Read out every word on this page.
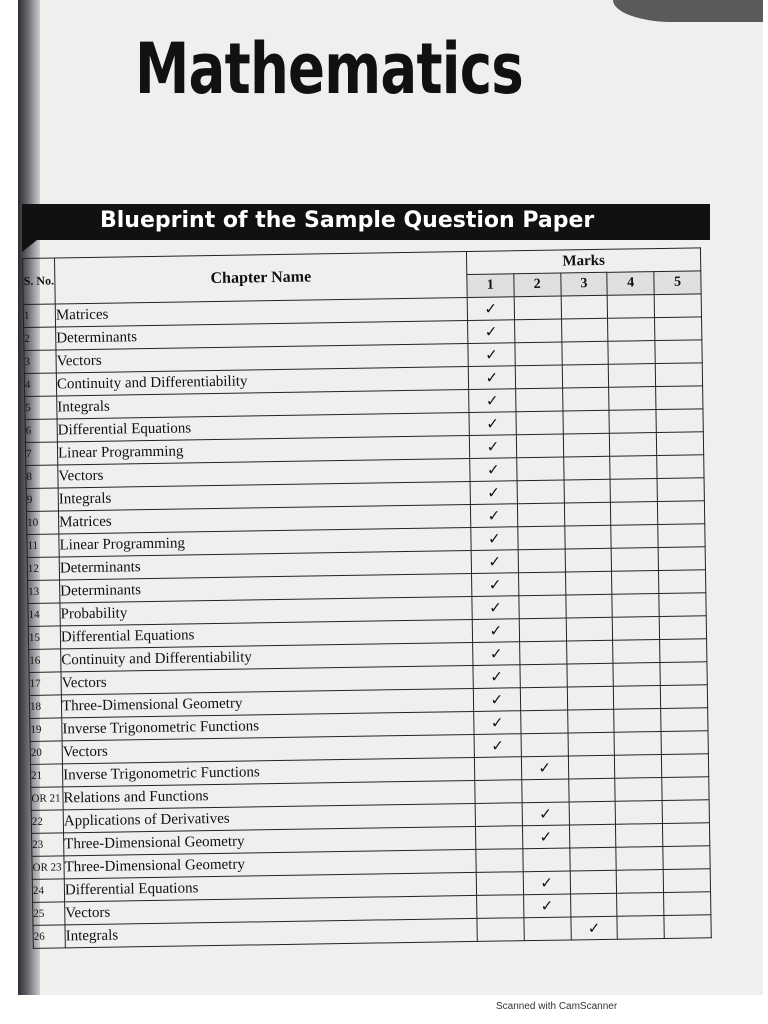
Mathematics
Blueprint of the Sample Question Paper
S. No.	Chapter Name	Marks				
		1	2	3	4	5
1	Matrices	✓				
2	Determinants	✓				
3	Vectors	✓				
4	Continuity and Differentiability	✓				
5	Integrals	✓				
6	Differential Equations	✓				
7	Linear Programming	✓				
8	Vectors	✓				
9	Integrals	✓				
10	Matrices	✓				
11	Linear Programming	✓				
12	Determinants	✓				
13	Determinants	✓				
14	Probability	✓				
15	Differential Equations	✓				
16	Continuity and Differentiability	✓				
17	Vectors	✓				
18	Three-Dimensional Geometry	✓				
19	Inverse Trigonometric Functions	✓				
20	Vectors	✓				
21	Inverse Trigonometric Functions		✓			
OR 21	Relations and Functions					
22	Applications of Derivatives		✓			
23	Three-Dimensional Geometry		✓			
OR 23	Three-Dimensional Geometry					
24	Differential Equations		✓			
25	Vectors		✓			
26	Integrals			✓		
Scanned with CamScanner
